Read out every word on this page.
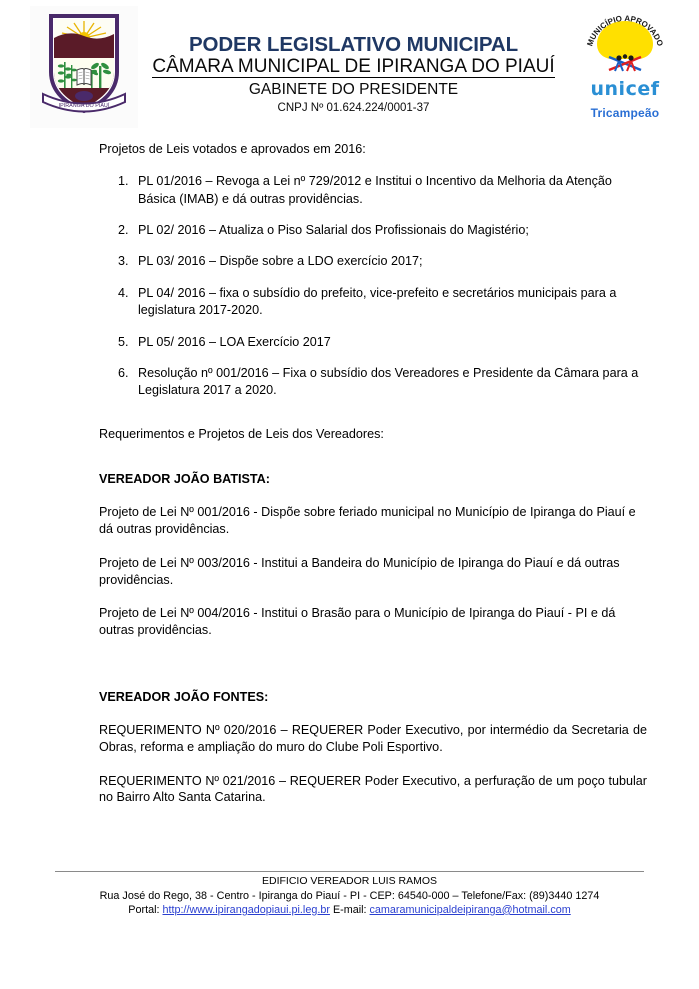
IPIRANGA DO PIAUÍ
PODER LEGISLATIVO MUNICIPAL
CÂMARA MUNICIPAL DE IPIRANGA DO PIAUÍ
GABINETE DO PRESIDENTE
CNPJ Nº 01.624.224/0001-37
MUNICÍPIO APROVADO
unicef
Tricampeão

Projetos de Leis votados e aprovados em 2016:

1. PL 01/2016 – Revoga a Lei nº 729/2012 e Institui o Incentivo da Melhoria da Atenção Básica (IMAB) e dá outras providências.
2. PL 02/ 2016 – Atualiza o Piso Salarial dos Profissionais do Magistério;
3. PL 03/ 2016 – Dispõe sobre a LDO exercício 2017;
4. PL 04/ 2016 – fixa o subsídio do prefeito, vice-prefeito e secretários municipais para a legislatura 2017-2020.
5. PL 05/ 2016 – LOA Exercício 2017
6. Resolução nº 001/2016 – Fixa o subsídio dos Vereadores e Presidente da Câmara para a Legislatura 2017 a 2020.

Requerimentos e Projetos de Leis dos Vereadores:

VEREADOR JOÃO BATISTA:

Projeto de Lei Nº 001/2016 - Dispõe sobre feriado municipal no Município de Ipiranga do Piauí e dá outras providências.

Projeto de Lei Nº 003/2016 - Institui a Bandeira do Município de Ipiranga do Piauí e dá outras providências.

Projeto de Lei Nº 004/2016 - Institui o Brasão para o Município de Ipiranga do Piauí - PI e dá outras providências.

VEREADOR JOÃO FONTES:

REQUERIMENTO Nº 020/2016 – REQUERER Poder Executivo, por intermédio da Secretaria de Obras, reforma e ampliação do muro do Clube Poli Esportivo.

REQUERIMENTO Nº 021/2016 – REQUERER Poder Executivo, a perfuração de um poço tubular no Bairro Alto Santa Catarina.

EDIFICIO VEREADOR LUIS RAMOS
Rua José do Rego, 38 - Centro - Ipiranga do Piauí - PI - CEP: 64540-000 – Telefone/Fax: (89)3440 1274
Portal: http://www.ipirangadopiaui.pi.leg.br E-mail: camaramunicipaldeipiranga@hotmail.com
